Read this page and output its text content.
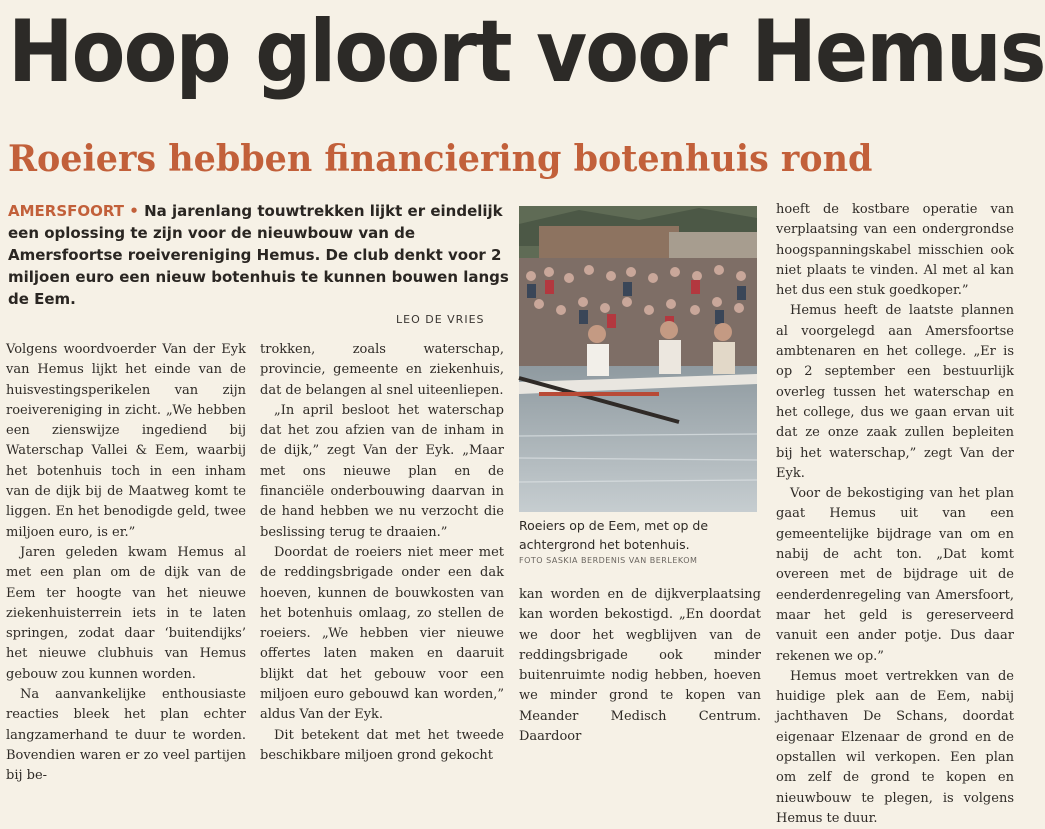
Hoop gloort voor Hemus
Roeiers hebben financiering botenhuis rond
AMERSFOORT • Na jarenlang touwtrekken lijkt er eindelijk een oplossing te zijn voor de nieuwbouw van de Amersfoortse roeivereniging Hemus. De club denkt voor 2 miljoen euro een nieuw botenhuis te kunnen bouwen langs de Eem.
LEO DE VRIES

Volgens woordvoerder Van der Eyk van Hemus lijkt het einde van de huisvestingsperikelen van zijn roeivereniging in zicht. „We hebben een zienswijze ingediend bij Waterschap Vallei & Eem, waarbij het botenhuis toch in een inham van de dijk bij de Maatweg komt te liggen. En het benodigde geld, twee miljoen euro, is er.”

Jaren geleden kwam Hemus al met een plan om de dijk van de Eem ter hoogte van het nieuwe ziekenhuisterrein iets in te laten springen, zodat daar ‘buitendijks’ het nieuwe clubhuis van Hemus gebouw zou kunnen worden.

Na aanvankelijke enthousiaste reacties bleek het plan echter langzamerhand te duur te worden. Bovendien waren er zo veel partijen bij be-

trokken, zoals waterschap, provincie, gemeente en ziekenhuis, dat de belangen al snel uiteenliepen.

„In april besloot het waterschap dat het zou afzien van de inham in de dijk,” zegt Van der Eyk. „Maar met ons nieuwe plan en de financiële onderbouwing daarvan in de hand hebben we nu verzocht die beslissing terug te draaien.”

Doordat de roeiers niet meer met de reddingsbrigade onder een dak hoeven, kunnen de bouwkosten van het botenhuis omlaag, zo stellen de roeiers. „We hebben vier nieuwe offertes laten maken en daaruit blijkt dat het gebouw voor een miljoen euro gebouwd kan worden,” aldus Van der Eyk.

Dit betekent dat met het tweede beschikbare miljoen grond gekocht

Roeiers op de Eem, met op de achtergrond het botenhuis.
FOTO SASKIA BERDENIS VAN BERLEKOM

kan worden en de dijkverplaatsing kan worden bekostigd. „En doordat we door het wegblijven van de reddingsbrigade ook minder buitenruimte nodig hebben, hoeven we minder grond te kopen van Meander Medisch Centrum. Daardoor

hoeft de kostbare operatie van verplaatsing van een ondergrondse hoogspanningskabel misschien ook niet plaats te vinden. Al met al kan het dus een stuk goedkoper.”

Hemus heeft de laatste plannen al voorgelegd aan Amersfoortse ambtenaren en het college. „Er is op 2 september een bestuurlijk overleg tussen het waterschap en het college, dus we gaan ervan uit dat ze onze zaak zullen bepleiten bij het waterschap,” zegt Van der Eyk.

Voor de bekostiging van het plan gaat Hemus uit van een gemeentelijke bijdrage van om en nabij de acht ton. „Dat komt overeen met de bijdrage uit de eenderdenregeling van Amersfoort, maar het geld is gereserveerd vanuit een ander potje. Dus daar rekenen we op.”

Hemus moet vertrekken van de huidige plek aan de Eem, nabij jachthaven De Schans, doordat eigenaar Elzenaar de grond en de opstallen wil verkopen. Een plan om zelf de grond te kopen en nieuwbouw te plegen, is volgens Hemus te duur.
